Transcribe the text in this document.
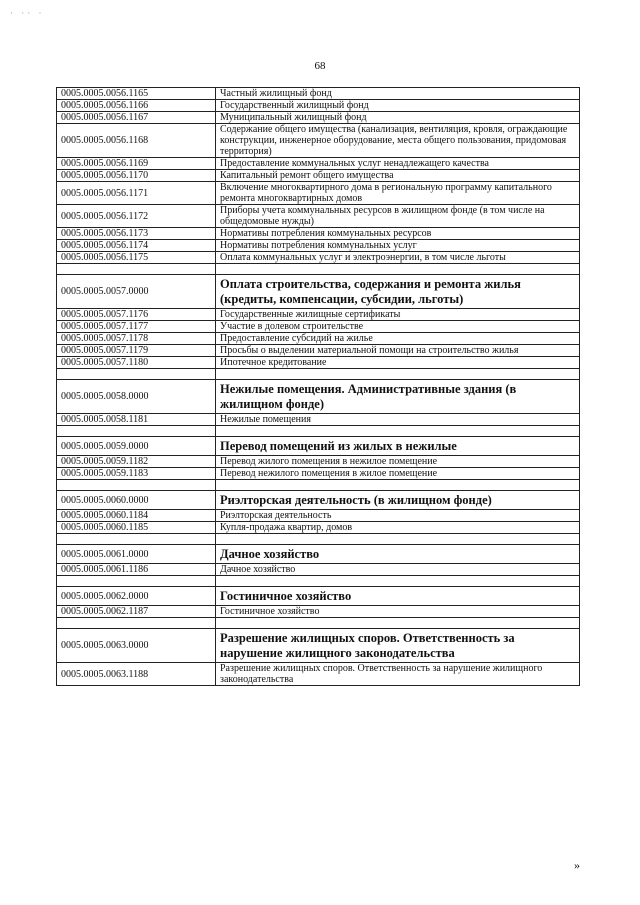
· ·· ·
68
0005.0005.0056.1165	Частный жилищный фонд
0005.0005.0056.1166	Государственный жилищный фонд
0005.0005.0056.1167	Муниципальный жилищный фонд
0005.0005.0056.1168	Содержание общего имущества (канализация, вентиляция, кровля, ограждающие конструкции, инженерное оборудование, места общего пользования, придомовая территория)
0005.0005.0056.1169	Предоставление коммунальных услуг ненадлежащего качества
0005.0005.0056.1170	Капитальный ремонт общего имущества
0005.0005.0056.1171	Включение многоквартирного дома в региональную программу капитального ремонта многоквартирных домов
0005.0005.0056.1172	Приборы учета коммунальных ресурсов в жилищном фонде (в том числе на общедомовые нужды)
0005.0005.0056.1173	Нормативы потребления коммунальных ресурсов
0005.0005.0056.1174	Нормативы потребления коммунальных услуг
0005.0005.0056.1175	Оплата коммунальных услуг и электроэнергии, в том числе льготы

0005.0005.0057.0000	Оплата строительства, содержания и ремонта жилья (кредиты, компенсации, субсидии, льготы)
0005.0005.0057.1176	Государственные жилищные сертификаты
0005.0005.0057.1177	Участие в долевом строительстве
0005.0005.0057.1178	Предоставление субсидий на жилье
0005.0005.0057.1179	Просьбы о выделении материальной помощи на строительство жилья
0005.0005.0057.1180	Ипотечное кредитование

0005.0005.0058.0000	Нежилые помещения. Административные здания (в жилищном фонде)
0005.0005.0058.1181	Нежилые помещения

0005.0005.0059.0000	Перевод помещений из жилых в нежилые
0005.0005.0059.1182	Перевод жилого помещения в нежилое помещение
0005.0005.0059.1183	Перевод нежилого помещения в жилое помещение

0005.0005.0060.0000	Риэлторская деятельность (в жилищном фонде)
0005.0005.0060.1184	Риэлторская деятельность
0005.0005.0060.1185	Купля-продажа квартир, домов

0005.0005.0061.0000	Дачное хозяйство
0005.0005.0061.1186	Дачное хозяйство

0005.0005.0062.0000	Гостиничное хозяйство
0005.0005.0062.1187	Гостиничное хозяйство

0005.0005.0063.0000	Разрешение жилищных споров. Ответственность за нарушение жилищного законодательства
0005.0005.0063.1188	Разрешение жилищных споров. Ответственность за нарушение жилищного законодательства
»
